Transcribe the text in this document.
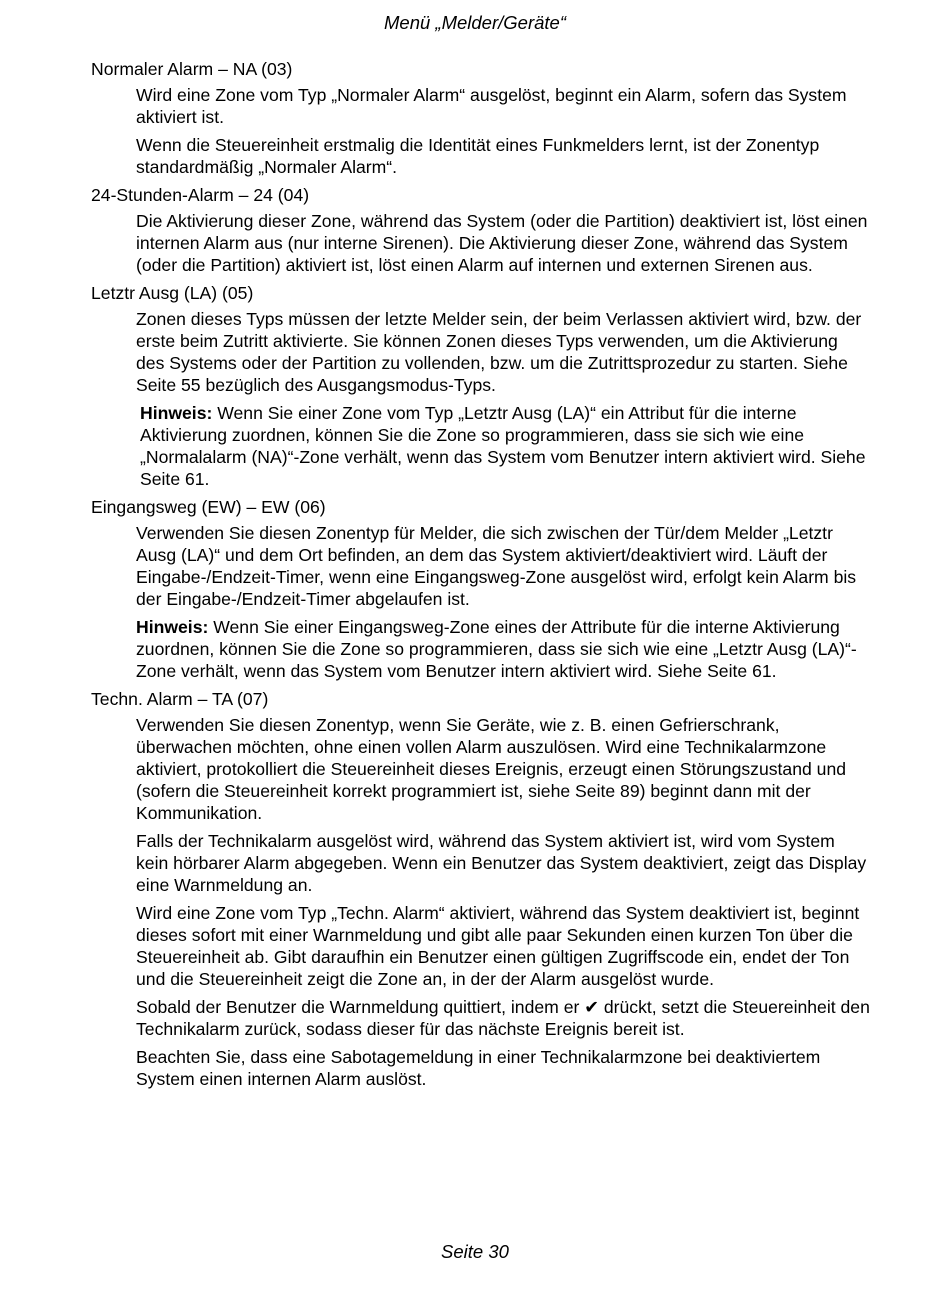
Menü „Melder/Geräte“
Normaler Alarm – NA (03)

Wird eine Zone vom Typ „Normaler Alarm“ ausgelöst, beginnt ein Alarm, sofern das System aktiviert ist.

Wenn die Steuereinheit erstmalig die Identität eines Funkmelders lernt, ist der Zonentyp standardmäßig „Normaler Alarm“.

24-Stunden-Alarm – 24 (04)

Die Aktivierung dieser Zone, während das System (oder die Partition) deaktiviert ist, löst einen internen Alarm aus (nur interne Sirenen). Die Aktivierung dieser Zone, während das System (oder die Partition) aktiviert ist, löst einen Alarm auf internen und externen Sirenen aus.

Letztr Ausg (LA) (05)

Zonen dieses Typs müssen der letzte Melder sein, der beim Verlassen aktiviert wird, bzw. der erste beim Zutritt aktivierte. Sie können Zonen dieses Typs verwenden, um die Aktivierung des Systems oder der Partition zu vollenden, bzw. um die Zutrittsprozedur zu starten. Siehe Seite 55 bezüglich des Ausgangsmodus-Typs.

Hinweis: Wenn Sie einer Zone vom Typ „Letztr Ausg (LA)“ ein Attribut für die interne Aktivierung zuordnen, können Sie die Zone so programmieren, dass sie sich wie eine „Normalalarm (NA)“-Zone verhält, wenn das System vom Benutzer intern aktiviert wird. Siehe Seite 61.

Eingangsweg (EW) – EW (06)

Verwenden Sie diesen Zonentyp für Melder, die sich zwischen der Tür/dem Melder „Letztr Ausg (LA)“ und dem Ort befinden, an dem das System aktiviert/deaktiviert wird. Läuft der Eingabe-/Endzeit-Timer, wenn eine Eingangsweg-Zone ausgelöst wird, erfolgt kein Alarm bis der Eingabe-/Endzeit-Timer abgelaufen ist.

Hinweis: Wenn Sie einer Eingangsweg-Zone eines der Attribute für die interne Aktivierung zuordnen, können Sie die Zone so programmieren, dass sie sich wie eine „Letztr Ausg (LA)“-Zone verhält, wenn das System vom Benutzer intern aktiviert wird. Siehe Seite 61.

Techn. Alarm – TA (07)

Verwenden Sie diesen Zonentyp, wenn Sie Geräte, wie z. B. einen Gefrierschrank, überwachen möchten, ohne einen vollen Alarm auszulösen. Wird eine Technikalarmzone aktiviert, protokolliert die Steuereinheit dieses Ereignis, erzeugt einen Störungszustand und (sofern die Steuereinheit korrekt programmiert ist, siehe Seite 89) beginnt dann mit der Kommunikation.

Falls der Technikalarm ausgelöst wird, während das System aktiviert ist, wird vom System kein hörbarer Alarm abgegeben. Wenn ein Benutzer das System deaktiviert, zeigt das Display eine Warnmeldung an.

Wird eine Zone vom Typ „Techn. Alarm“ aktiviert, während das System deaktiviert ist, beginnt dieses sofort mit einer Warnmeldung und gibt alle paar Sekunden einen kurzen Ton über die Steuereinheit ab. Gibt daraufhin ein Benutzer einen gültigen Zugriffscode ein, endet der Ton und die Steuereinheit zeigt die Zone an, in der der Alarm ausgelöst wurde.

Sobald der Benutzer die Warnmeldung quittiert, indem er ✔ drückt, setzt die Steuereinheit den Technikalarm zurück, sodass dieser für das nächste Ereignis bereit ist.

Beachten Sie, dass eine Sabotagemeldung in einer Technikalarmzone bei deaktiviertem System einen internen Alarm auslöst.

Seite 30
